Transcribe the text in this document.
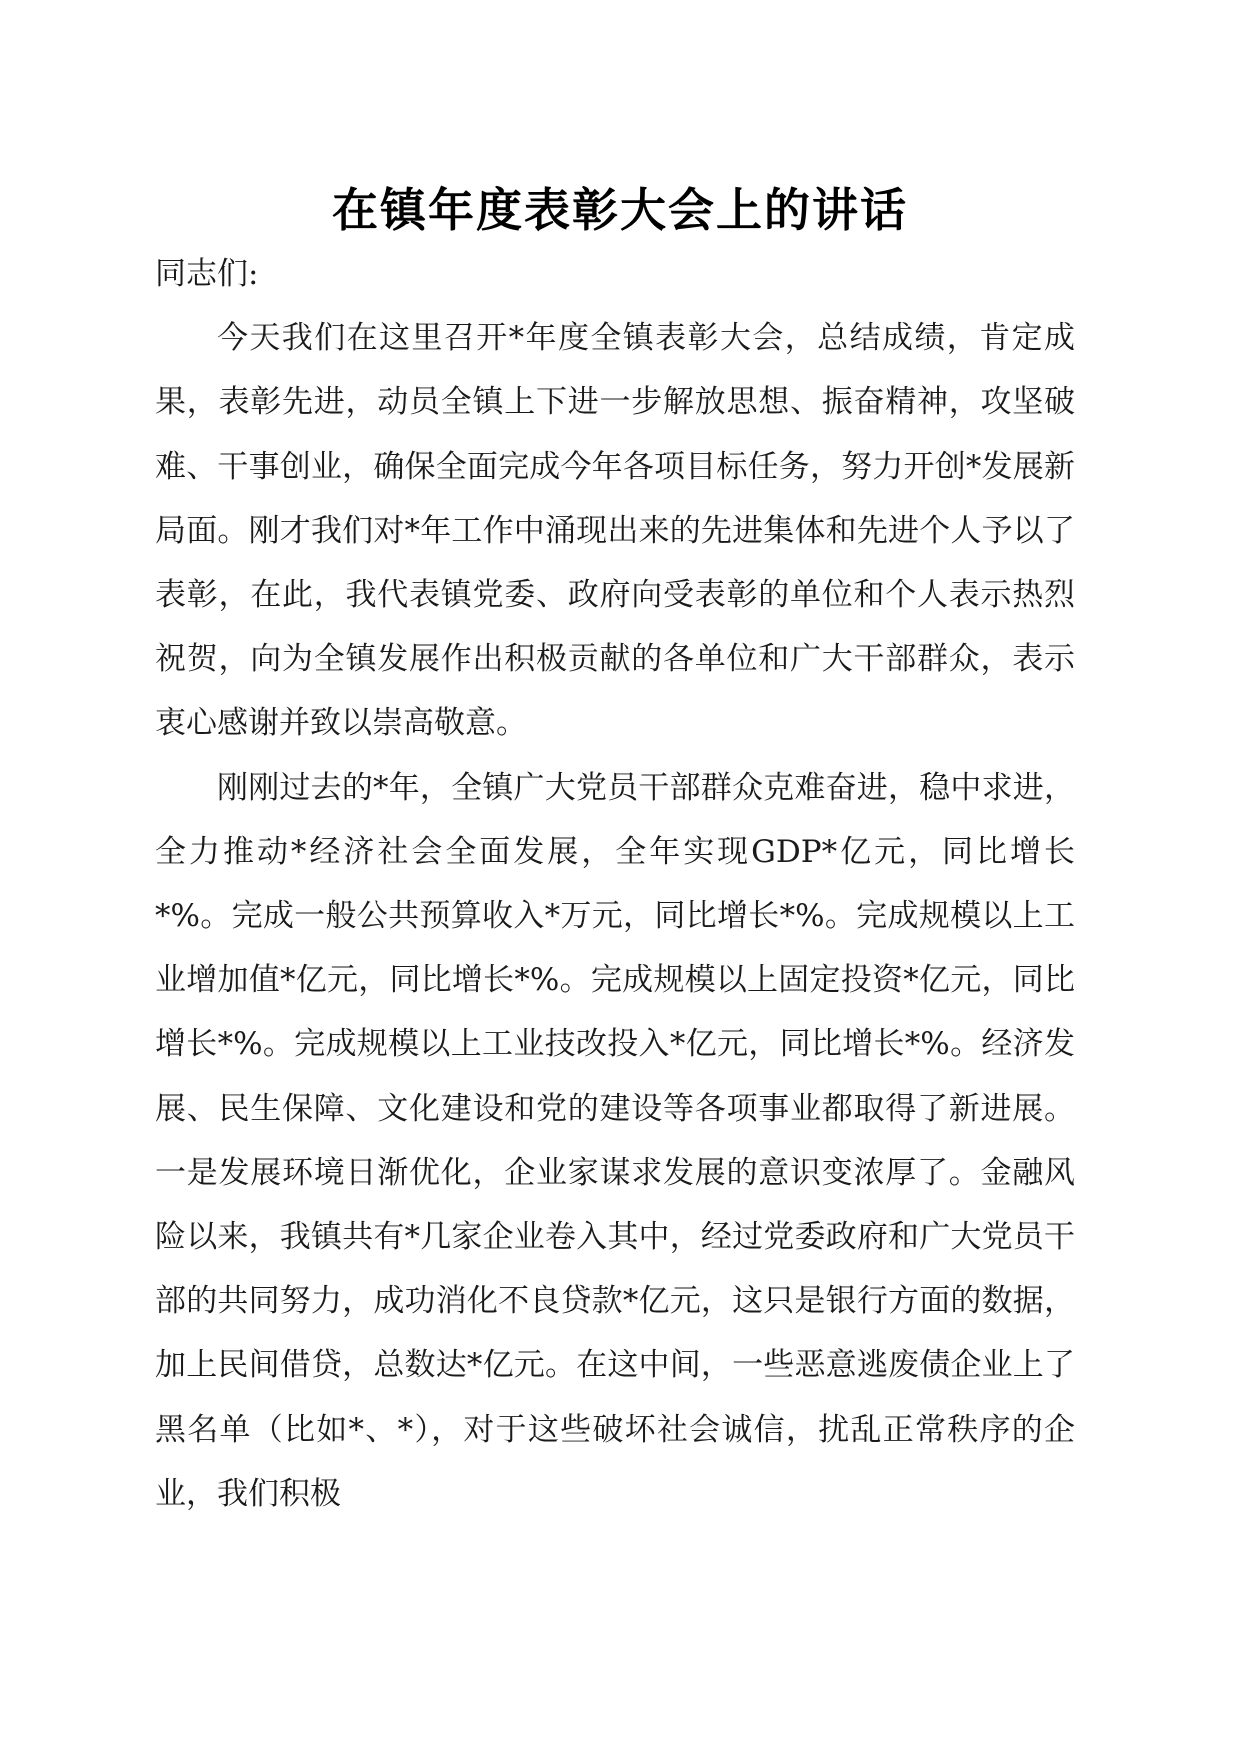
在镇年度表彰大会上的讲话

同志们:

今天我们在这里召开*年度全镇表彰大会，总结成绩，肯定成果，表彰先进，动员全镇上下进一步解放思想、振奋精神，攻坚破难、干事创业，确保全面完成今年各项目标任务，努力开创*发展新局面。刚才我们对*年工作中涌现出来的先进集体和先进个人予以了表彰，在此，我代表镇党委、政府向受表彰的单位和个人表示热烈祝贺，向为全镇发展作出积极贡献的各单位和广大干部群众，表示衷心感谢并致以崇高敬意。

刚刚过去的*年，全镇广大党员干部群众克难奋进，稳中求进，全力推动*经济社会全面发展，全年实现GDP*亿元，同比增长*%。完成一般公共预算收入*万元，同比增长*%。完成规模以上工业增加值*亿元，同比增长*%。完成规模以上固定投资*亿元，同比增长*%。完成规模以上工业技改投入*亿元，同比增长*%。经济发展、民生保障、文化建设和党的建设等各项事业都取得了新进展。一是发展环境日渐优化，企业家谋求发展的意识变浓厚了。金融风险以来，我镇共有*几家企业卷入其中，经过党委政府和广大党员干部的共同努力，成功消化不良贷款*亿元，这只是银行方面的数据，加上民间借贷，总数达*亿元。在这中间，一些恶意逃废债企业上了黑名单（比如*、*），对于这些破坏社会诚信，扰乱正常秩序的企业，我们积极
